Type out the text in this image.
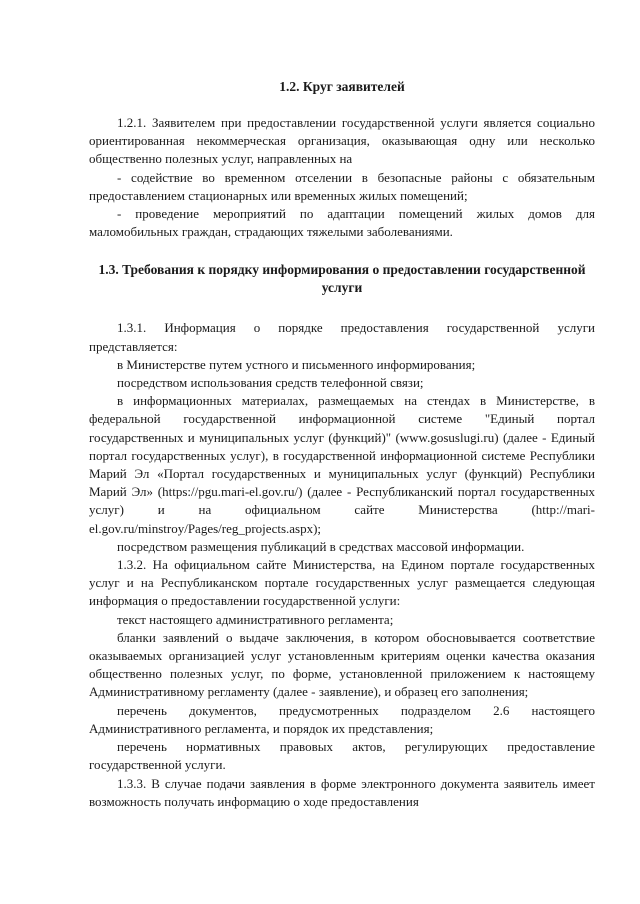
1.2. Круг заявителей

1.2.1. Заявителем при предоставлении государственной услуги является социально ориентированная некоммерческая организация, оказывающая одну или несколько общественно полезных услуг, направленных на

- содействие во временном отселении в безопасные районы с обязательным предоставлением стационарных или временных жилых помещений;

- проведение мероприятий по адаптации помещений жилых домов для маломобильных граждан, страдающих тяжелыми заболеваниями.

1.3. Требования к порядку информирования о предоставлении государственной услуги

1.3.1. Информация о порядке предоставления государственной услуги представляется:

в Министерстве путем устного и письменного информирования;

посредством использования средств телефонной связи;

в информационных материалах, размещаемых на стендах в Министерстве, в федеральной государственной информационной системе "Единый портал государственных и муниципальных услуг (функций)" (www.gosuslugi.ru) (далее - Единый портал государственных услуг), в государственной информационной системе Республики Марий Эл «Портал государственных и муниципальных услуг (функций) Республики Марий Эл» (https://pgu.mari-el.gov.ru/) (далее - Республиканский портал государственных услуг) и на официальном сайте Министерства (http://mari-el.gov.ru/minstroy/Pages/reg_projects.aspx);

посредством размещения публикаций в средствах массовой информации.

1.3.2. На официальном сайте Министерства, на Едином портале государственных услуг и на Республиканском портале государственных услуг размещается следующая информация о предоставлении государственной услуги:

текст настоящего административного регламента;

бланки заявлений о выдаче заключения, в котором обосновывается соответствие оказываемых организацией услуг установленным критериям оценки качества оказания общественно полезных услуг, по форме, установленной приложением к настоящему Административному регламенту (далее - заявление), и образец его заполнения;

перечень документов, предусмотренных подразделом 2.6 настоящего Административного регламента, и порядок их представления;

перечень нормативных правовых актов, регулирующих предоставление государственной услуги.

1.3.3. В случае подачи заявления в форме электронного документа заявитель имеет возможность получать информацию о ходе предоставления
